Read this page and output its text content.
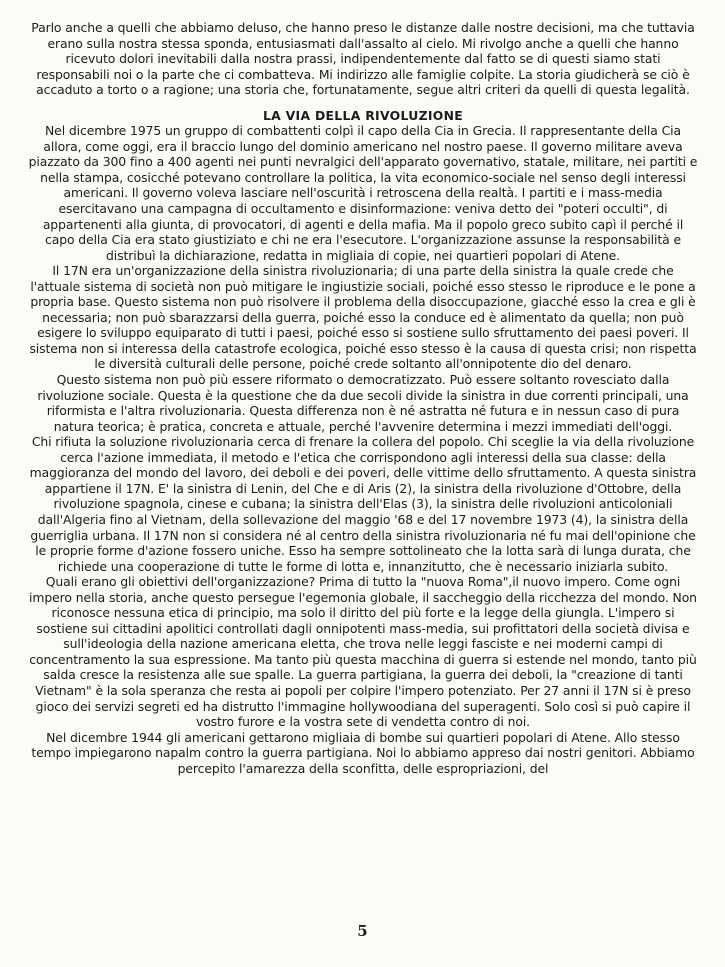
Parlo anche a quelli che abbiamo deluso, che hanno preso le distanze dalle nostre decisioni, ma che tuttavia erano sulla nostra stessa sponda, entusiasmati dall'assalto al cielo. Mi rivolgo anche a quelli che hanno ricevuto dolori inevitabili dalla nostra prassi, indipendentemente dal fatto se di questi siamo stati responsabili noi o la parte che ci combatteva. Mi indirizzo alle famiglie colpite. La storia giudicherà se ciò è accaduto a torto o a ragione; una storia che, fortunatamente, segue altri criteri da quelli di questa legalità.

LA VIA DELLA RIVOLUZIONE

Nel dicembre 1975 un gruppo di combattenti colpì il capo della Cia in Grecia. Il rappresentante della Cia allora, come oggi, era il braccio lungo del dominio americano nel nostro paese. Il governo militare aveva piazzato da 300 fino a 400 agenti nei punti nevralgici dell'apparato governativo, statale, militare, nei partiti e nella stampa, cosicché potevano controllare la politica, la vita economico-sociale nel senso degli interessi americani. Il governo voleva lasciare nell'oscurità i retroscena della realtà. I partiti e i mass-media esercitavano una campagna di occultamento e disinformazione: veniva detto dei "poteri occulti", di appartenenti alla giunta, di provocatori, di agenti e della mafia. Ma il popolo greco subito capì il perché il capo della Cia era stato giustiziato e chi ne era l'esecutore. L'organizzazione assunse la responsabilità e distribuì la dichiarazione, redatta in migliaia di copie, nei quartieri popolari di Atene.

Il 17N era un'organizzazione della sinistra rivoluzionaria; di una parte della sinistra la quale crede che l'attuale sistema di società non può mitigare le ingiustizie sociali, poiché esso stesso le riproduce e le pone a propria base. Questo sistema non può risolvere il problema della disoccupazione, giacché esso la crea e gli è necessaria; non può sbarazzarsi della guerra, poiché esso la conduce ed è alimentato da quella; non può esigere lo sviluppo equiparato di tutti i paesi, poiché esso si sostiene sullo sfruttamento dei paesi poveri. Il sistema non si interessa della catastrofe ecologica, poiché esso stesso è la causa di questa crisi; non rispetta le diversità culturali delle persone, poiché crede soltanto all'onnipotente dio del denaro.

Questo sistema non può più essere riformato o democratizzato. Può essere soltanto rovesciato dalla rivoluzione sociale. Questa è la questione che da due secoli divide la sinistra in due correnti principali, una riformista e l'altra rivoluzionaria. Questa differenza non è né astratta né futura e in nessun caso di pura natura teorica; è pratica, concreta e attuale, perché l'avvenire determina i mezzi immediati dell'oggi.

Chi rifiuta la soluzione rivoluzionaria cerca di frenare la collera del popolo. Chi sceglie la via della rivoluzione cerca l'azione immediata, il metodo e l'etica che corrispondono agli interessi della sua classe: della maggioranza del mondo del lavoro, dei deboli e dei poveri, delle vittime dello sfruttamento. A questa sinistra appartiene il 17N. E' la sinistra di Lenin, del Che e di Aris (2), la sinistra della rivoluzione d'Ottobre, della rivoluzione spagnola, cinese e cubana; la sinistra dell'Elas (3), la sinistra delle rivoluzioni anticoloniali dall'Algeria fino al Vietnam, della sollevazione del maggio '68 e del 17 novembre 1973 (4), la sinistra della guerriglia urbana. Il 17N non si considera né al centro della sinistra rivoluzionaria né fu mai dell'opinione che le proprie forme d'azione fossero uniche. Esso ha sempre sottolineato che la lotta sarà di lunga durata, che richiede una cooperazione di tutte le forme di lotta e, innanzitutto, che è necessario iniziarla subito.

Quali erano gli obiettivi dell'organizzazione? Prima di tutto la "nuova Roma",il nuovo impero. Come ogni impero nella storia, anche questo persegue l'egemonia globale, il saccheggio della ricchezza del mondo. Non riconosce nessuna etica di principio, ma solo il diritto del più forte e la legge della giungla. L'impero si sostiene sui cittadini apolitici controllati dagli onnipotenti mass-media, sui profittatori della società divisa e sull'ideologia della nazione americana eletta, che trova nelle leggi fasciste e nei moderni campi di concentramento la sua espressione. Ma tanto più questa macchina di guerra si estende nel mondo, tanto più salda cresce la resistenza alle sue spalle. La guerra partigiana, la guerra dei deboli, la "creazione di tanti Vietnam" è la sola speranza che resta ai popoli per colpire l'impero potenziato. Per 27 anni il 17N si è preso gioco dei servizi segreti ed ha distrutto l'immagine hollywoodiana del superagenti. Solo così si può capire il vostro furore e la vostra sete di vendetta contro di noi.

Nel dicembre 1944 gli americani gettarono migliaia di bombe sui quartieri popolari di Atene. Allo stesso tempo impiegarono napalm contro la guerra partigiana. Noi lo abbiamo appreso dai nostri genitori. Abbiamo percepito l'amarezza della sconfitta, delle espropriazioni, del

5
